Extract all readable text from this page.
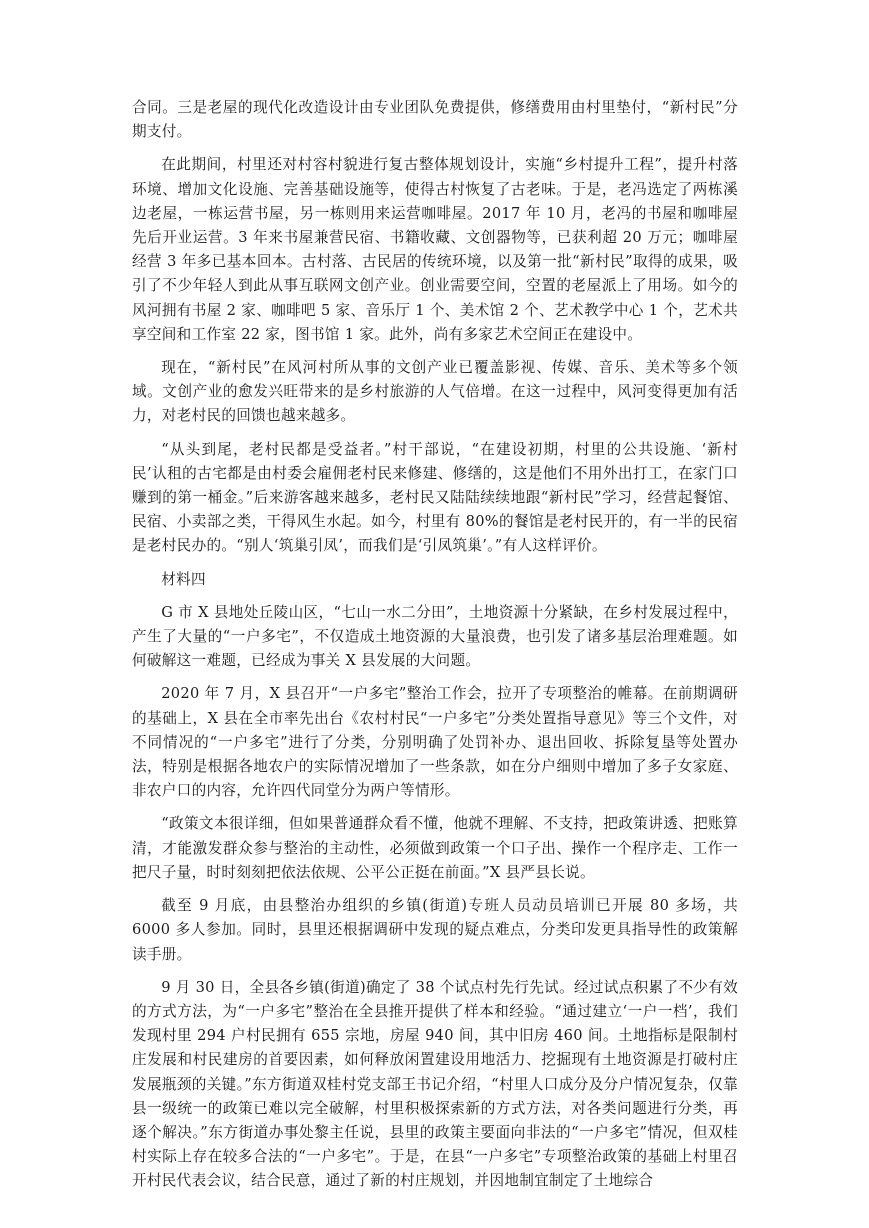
合同。三是老屋的现代化改造设计由专业团队免费提供，修缮费用由村里垫付，“新村民”分期支付。

在此期间，村里还对村容村貌进行复古整体规划设计，实施“乡村提升工程”，提升村落环境、增加文化设施、完善基础设施等，使得古村恢复了古老味。于是，老冯选定了两栋溪边老屋，一栋运营书屋，另一栋则用来运营咖啡屋。2017 年 10 月，老冯的书屋和咖啡屋先后开业运营。3 年来书屋兼营民宿、书籍收藏、文创器物等，已获利超 20 万元；咖啡屋经营 3 年多已基本回本。古村落、古民居的传统环境，以及第一批“新村民”取得的成果，吸引了不少年轻人到此从事互联网文创产业。创业需要空间，空置的老屋派上了用场。如今的风河拥有书屋 2 家、咖啡吧 5 家、音乐厅 1 个、美术馆 2 个、艺术教学中心 1 个，艺术共享空间和工作室 22 家，图书馆 1 家。此外，尚有多家艺术空间正在建设中。

现在，“新村民”在风河村所从事的文创产业已覆盖影视、传媒、音乐、美术等多个领域。文创产业的愈发兴旺带来的是乡村旅游的人气倍增。在这一过程中，风河变得更加有活力，对老村民的回馈也越来越多。

“从头到尾，老村民都是受益者。”村干部说，“在建设初期，村里的公共设施、‘新村民’认租的古宅都是由村委会雇佣老村民来修建、修缮的，这是他们不用外出打工，在家门口赚到的第一桶金。”后来游客越来越多，老村民又陆陆续续地跟“新村民”学习，经营起餐馆、民宿、小卖部之类，干得风生水起。如今，村里有 80%的餐馆是老村民开的，有一半的民宿是老村民办的。“别人‘筑巢引凤’，而我们是‘引凤筑巢’。”有人这样评价。

材料四

G 市 X 县地处丘陵山区，“七山一水二分田”，土地资源十分紧缺，在乡村发展过程中，产生了大量的“一户多宅”，不仅造成土地资源的大量浪费，也引发了诸多基层治理难题。如何破解这一难题，已经成为事关 X 县发展的大问题。

2020 年 7 月，X 县召开“一户多宅”整治工作会，拉开了专项整治的帷幕。在前期调研的基础上，X 县在全市率先出台《农村村民“一户多宅”分类处置指导意见》等三个文件，对不同情况的“一户多宅”进行了分类，分别明确了处罚补办、退出回收、拆除复垦等处置办法，特别是根据各地农户的实际情况增加了一些条款，如在分户细则中增加了多子女家庭、非农户口的内容，允许四代同堂分为两户等情形。

“政策文本很详细，但如果普通群众看不懂，他就不理解、不支持，把政策讲透、把账算清，才能激发群众参与整治的主动性，必须做到政策一个口子出、操作一个程序走、工作一把尺子量，时时刻刻把依法依规、公平公正挺在前面。”X 县严县长说。

截至 9 月底，由县整治办组织的乡镇(街道)专班人员动员培训已开展 80 多场，共 6000 多人参加。同时，县里还根据调研中发现的疑点难点，分类印发更具指导性的政策解读手册。

9 月 30 日，全县各乡镇(街道)确定了 38 个试点村先行先试。经过试点积累了不少有效的方式方法，为“一户多宅”整治在全县推开提供了样本和经验。“通过建立‘一户一档’，我们发现村里 294 户村民拥有 655 宗地，房屋 940 间，其中旧房 460 间。土地指标是限制村庄发展和村民建房的首要因素，如何释放闲置建设用地活力、挖掘现有土地资源是打破村庄发展瓶颈的关键。”东方街道双桂村党支部王书记介绍，“村里人口成分及分户情况复杂，仅靠县一级统一的政策已难以完全破解，村里积极探索新的方式方法，对各类问题进行分类，再逐个解决。”东方街道办事处黎主任说，县里的政策主要面向非法的“一户多宅”情况，但双桂村实际上存在较多合法的“一户多宅”。于是，在县“一户多宅”专项整治政策的基础上村里召开村民代表会议，结合民意，通过了新的村庄规划，并因地制宜制定了土地综合
